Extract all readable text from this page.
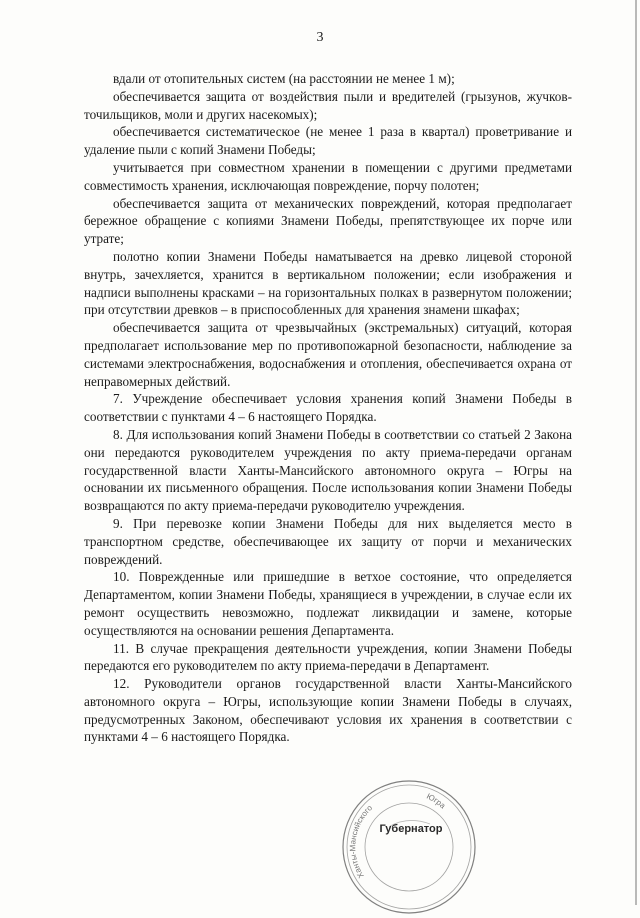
3

вдали от отопительных систем (на расстоянии не менее 1 м);

обеспечивается защита от воздействия пыли и вредителей (грызунов, жучков-точильщиков, моли и других насекомых);

обеспечивается систематическое (не менее 1 раза в квартал) проветривание и удаление пыли с копий Знамени Победы;

учитывается при совместном хранении в помещении с другими предметами совместимость хранения, исключающая повреждение, порчу полотен;

обеспечивается защита от механических повреждений, которая предполагает бережное обращение с копиями Знамени Победы, препятствующее их порче или утрате;

полотно копии Знамени Победы наматывается на древко лицевой стороной внутрь, зачехляется, хранится в вертикальном положении; если изображения и надписи выполнены красками – на горизонтальных полках в развернутом положении; при отсутствии древков – в приспособленных для хранения знамени шкафах;

обеспечивается защита от чрезвычайных (экстремальных) ситуаций, которая предполагает использование мер по противопожарной безопасности, наблюдение за системами электроснабжения, водоснабжения и отопления, обеспечивается охрана от неправомерных действий.

7. Учреждение обеспечивает условия хранения копий Знамени Победы в соответствии с пунктами 4 – 6 настоящего Порядка.

8. Для использования копий Знамени Победы в соответствии со статьей 2 Закона они передаются руководителем учреждения по акту приема-передачи органам государственной власти Ханты-Мансийского автономного округа – Югры на основании их письменного обращения. После использования копии Знамени Победы возвращаются по акту приема-передачи руководителю учреждения.

9. При перевозке копии Знамени Победы для них выделяется место в транспортном средстве, обеспечивающее их защиту от порчи и механических повреждений.

10. Поврежденные или пришедшие в ветхое состояние, что определяется Департаментом, копии Знамени Победы, хранящиеся в учреждении, в случае если их ремонт осуществить невозможно, подлежат ликвидации и замене, которые осуществляются на основании решения Департамента.

11. В случае прекращения деятельности учреждения, копии Знамени Победы передаются его руководителем по акту приема-передачи в Департамент.

12. Руководители органов государственной власти Ханты-Мансийского автономного округа – Югры, использующие копии Знамени Победы в случаях, предусмотренных Законом, обеспечивают условия их хранения в соответствии с пунктами 4 – 6 настоящего Порядка.

Ханты-Мансийского
Югра
Губернатор
